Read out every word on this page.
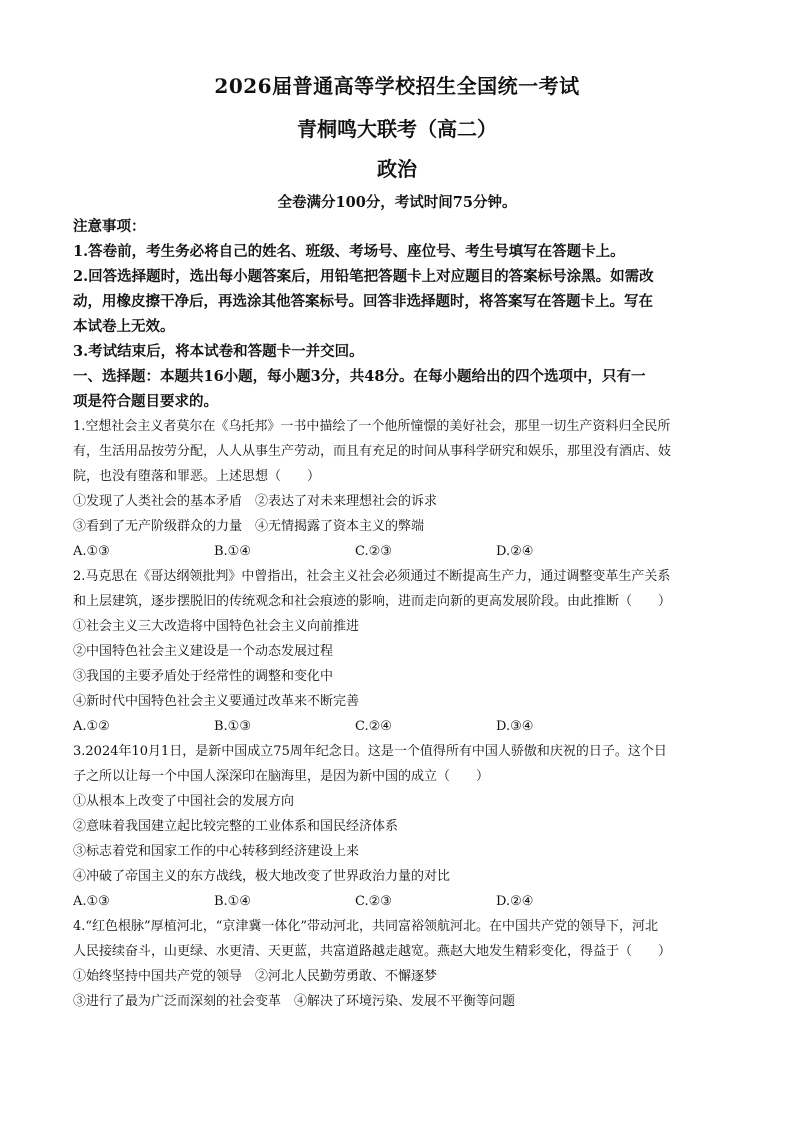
2026届普通高等学校招生全国统一考试
青桐鸣大联考（高二）
政治
全卷满分100分，考试时间75分钟。
注意事项：
1.答卷前，考生务必将自己的姓名、班级、考场号、座位号、考生号填写在答题卡上。
2.回答选择题时，选出每小题答案后，用铅笔把答题卡上对应题目的答案标号涂黑。如需改
动，用橡皮擦干净后，再选涂其他答案标号。回答非选择题时，将答案写在答题卡上。写在
本试卷上无效。
3.考试结束后，将本试卷和答题卡一并交回。
一、选择题：本题共16小题，每小题3分，共48分。在每小题给出的四个选项中，只有一
项是符合题目要求的。
1.空想社会主义者莫尔在《乌托邦》一书中描绘了一个他所憧憬的美好社会，那里一切生产资料归全民所
有，生活用品按劳分配，人人从事生产劳动，而且有充足的时间从事科学研究和娱乐，那里没有酒店、妓
院，也没有堕落和罪恶。上述思想（　　）
①发现了人类社会的基本矛盾　②表达了对未来理想社会的诉求
③看到了无产阶级群众的力量　④无情揭露了资本主义的弊端
A.①③	B.①④	C.②③	D.②④
2.马克思在《哥达纲领批判》中曾指出，社会主义社会必须通过不断提高生产力，通过调整变革生产关系
和上层建筑，逐步摆脱旧的传统观念和社会痕迹的影响，进而走向新的更高发展阶段。由此推断（　　）
①社会主义三大改造将中国特色社会主义向前推进
②中国特色社会主义建设是一个动态发展过程
③我国的主要矛盾处于经常性的调整和变化中
④新时代中国特色社会主义要通过改革来不断完善
A.①②	B.①③	C.②④	D.③④
3.2024年10月1日，是新中国成立75周年纪念日。这是一个值得所有中国人骄傲和庆祝的日子。这个日
子之所以让每一个中国人深深印在脑海里，是因为新中国的成立（　　）
①从根本上改变了中国社会的发展方向
②意味着我国建立起比较完整的工业体系和国民经济体系
③标志着党和国家工作的中心转移到经济建设上来
④冲破了帝国主义的东方战线，极大地改变了世界政治力量的对比
A.①③	B.①④	C.②③	D.②④
4.“红色根脉”厚植河北，“京津冀一体化”带动河北，共同富裕领航河北。在中国共产党的领导下，河北
人民接续奋斗，山更绿、水更清、天更蓝，共富道路越走越宽。燕赵大地发生精彩变化，得益于（　　）
①始终坚持中国共产党的领导　②河北人民勤劳勇敢、不懈逐梦
③进行了最为广泛而深刻的社会变革　④解决了环境污染、发展不平衡等问题
